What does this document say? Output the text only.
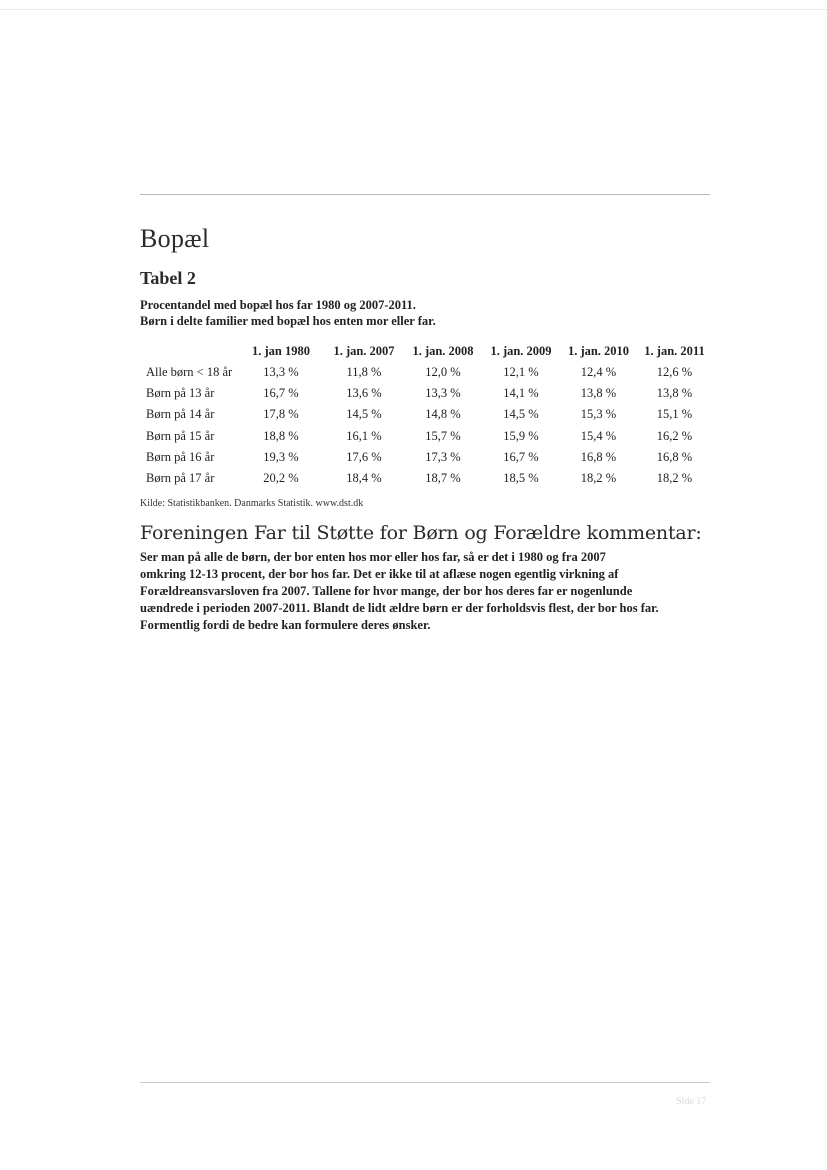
Bopæl
Tabel 2
Procentandel med bopæl hos far 1980 og 2007-2011.
Børn i delte familier med bopæl hos enten mor eller far.
	1. jan 1980	1. jan. 2007	1. jan. 2008	1. jan. 2009	1. jan. 2010	1. jan. 2011
Alle børn < 18 år	13,3 %	11,8 %	12,0 %	12,1 %	12,4 %	12,6 %
Børn på 13 år	16,7 %	13,6 %	13,3 %	14,1 %	13,8 %	13,8 %
Børn på 14 år	17,8 %	14,5 %	14,8 %	14,5 %	15,3 %	15,1 %
Børn på 15 år	18,8 %	16,1 %	15,7 %	15,9 %	15,4 %	16,2 %
Børn på 16 år	19,3 %	17,6 %	17,3 %	16,7 %	16,8 %	16,8 %
Børn på 17 år	20,2 %	18,4 %	18,7 %	18,5 %	18,2 %	18,2 %
Kilde: Statistikbanken. Danmarks Statistik. www.dst.dk
Foreningen Far til Støtte for Børn og Forældre kommentar:
Ser man på alle de børn, der bor enten hos mor eller hos far, så er det i 1980 og fra 2007
omkring 12-13 procent, der bor hos far. Det er ikke til at aflæse nogen egentlig virkning af
Forældreansvarsloven fra 2007. Tallene for hvor mange, der bor hos deres far er nogenlunde
uændrede i perioden 2007-2011. Blandt de lidt ældre børn er der forholdsvis flest, der bor hos far.
Formentlig fordi de bedre kan formulere deres ønsker.
Side 17
